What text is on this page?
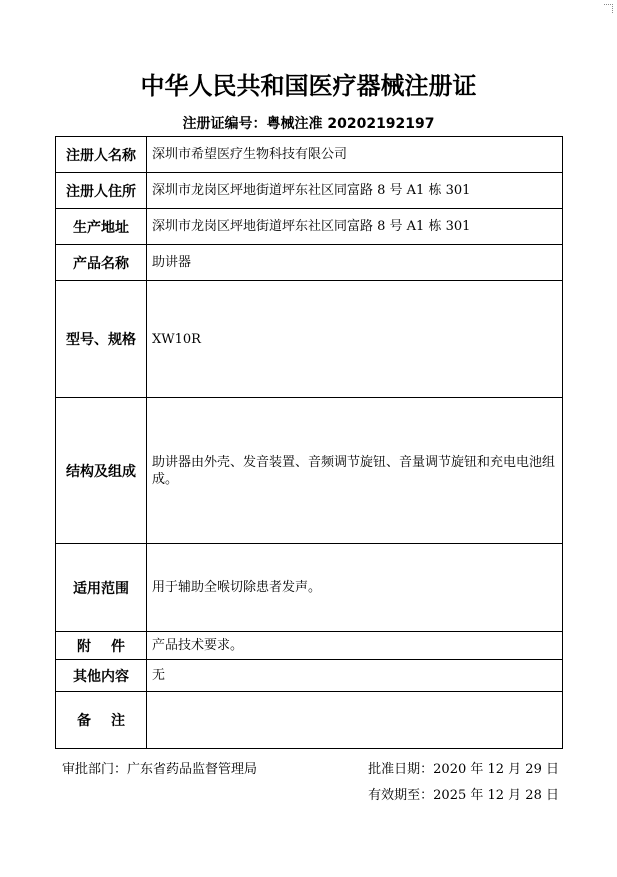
中华人民共和国医疗器械注册证
注册证编号：粤械注准 20202192197
注册人名称	深圳市希望医疗生物科技有限公司
注册人住所	深圳市龙岗区坪地街道坪东社区同富路 8 号 A1 栋 301
生产地址	深圳市龙岗区坪地街道坪东社区同富路 8 号 A1 栋 301
产品名称	助讲器
型号、规格	XW10R
结构及组成	助讲器由外壳、发音装置、音频调节旋钮、音量调节旋钮和充电电池组成。
适用范围	用于辅助全喉切除患者发声。
附件	产品技术要求。
其他内容	无
备注	
审批部门：广东省药品监督管理局	批准日期：2020 年 12 月 29 日
有效期至：2025 年 12 月 28 日
